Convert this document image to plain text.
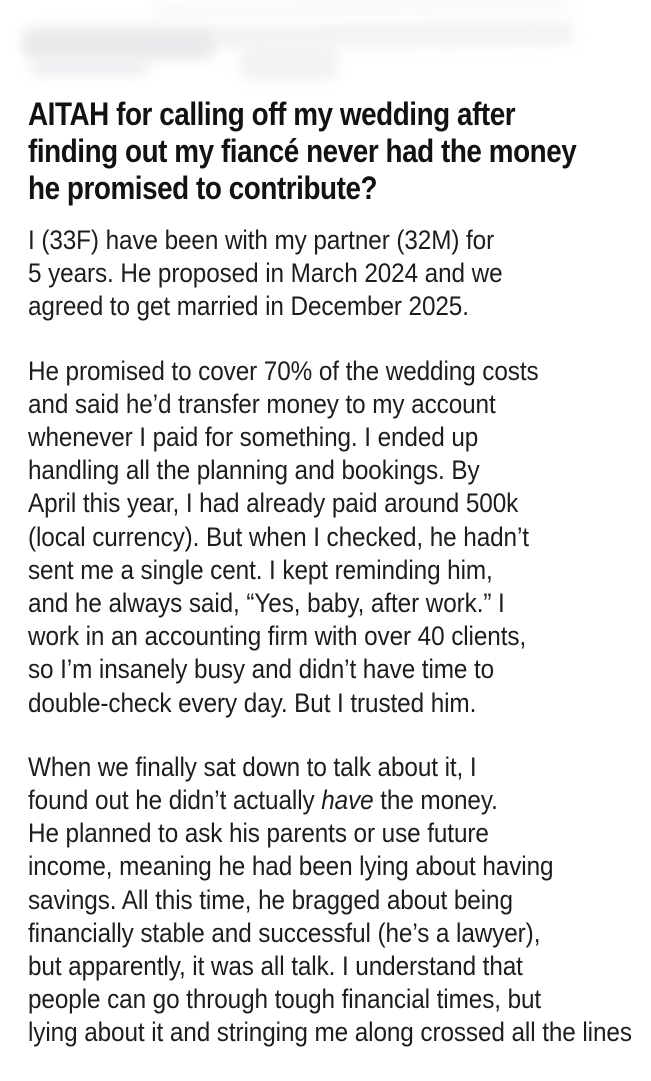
AITAH for calling off my wedding after
finding out my fiancé never had the money
he promised to contribute?
I (33F) have been with my partner (32M) for
5 years. He proposed in March 2024 and we
agreed to get married in December 2025.
He promised to cover 70% of the wedding costs
and said he’d transfer money to my account
whenever I paid for something. I ended up
handling all the planning and bookings. By
April this year, I had already paid around 500k
(local currency). But when I checked, he hadn’t
sent me a single cent. I kept reminding him,
and he always said, “Yes, baby, after work.” I
work in an accounting firm with over 40 clients,
so I’m insanely busy and didn’t have time to
double-check every day. But I trusted him.
When we finally sat down to talk about it, I
found out he didn’t actually have the money.
He planned to ask his parents or use future
income, meaning he had been lying about having
savings. All this time, he bragged about being
financially stable and successful (he’s a lawyer),
but apparently, it was all talk. I understand that
people can go through tough financial times, but
lying about it and stringing me along crossed all the lines
